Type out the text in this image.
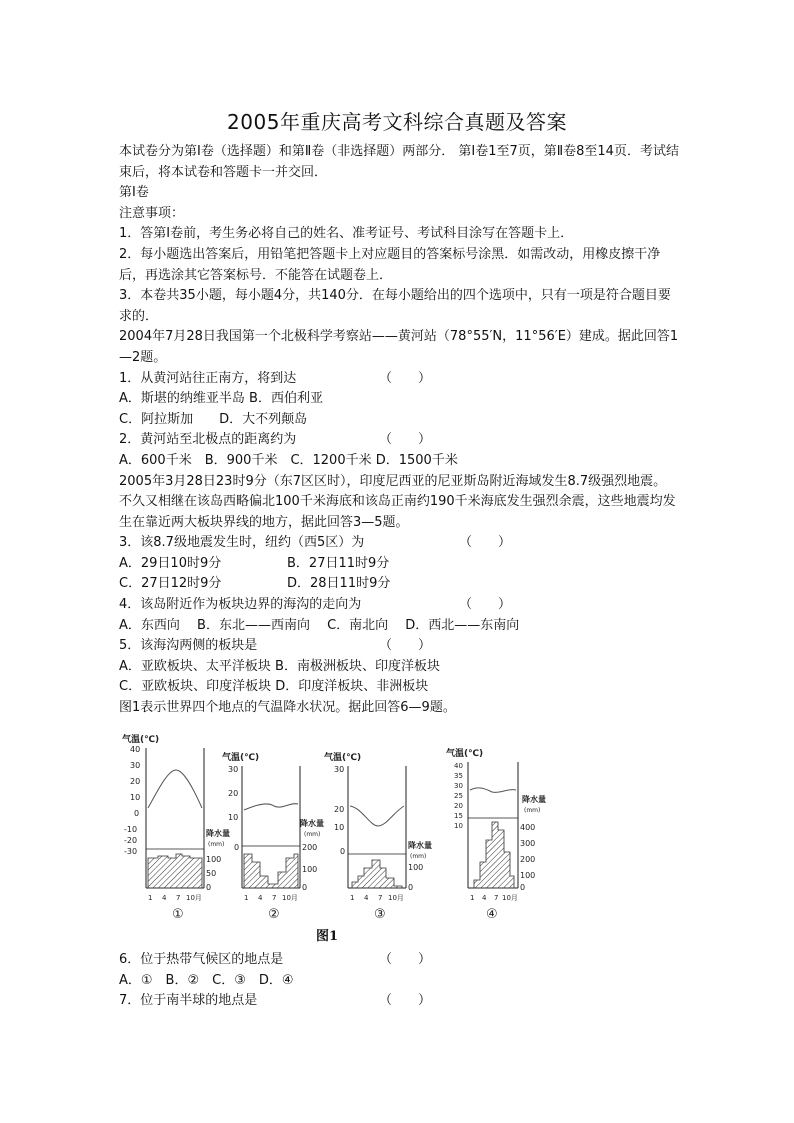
2005年重庆高考文科综合真题及答案

本试卷分为第Ⅰ卷（选择题）和第Ⅱ卷（非选择题）两部分． 第Ⅰ卷1至7页，第Ⅱ卷8至14页．考试结束后，将本试卷和答题卡一并交回．

第Ⅰ卷

注意事项：

1．答第Ⅰ卷前，考生务必将自己的姓名、准考证号、考试科目涂写在答题卡上．

2．每小题选出答案后，用铅笔把答题卡上对应题目的答案标号涂黑．如需改动，用橡皮擦干净后，再选涂其它答案标号．不能答在试题卷上．

3．本卷共35小题，每小题4分，共140分．在每小题给出的四个选项中，只有一项是符合题目要求的．

2004年7月28日我国第一个北极科学考察站——黄河站（78°55′N，11°56′E）建成。据此回答1—2题。

1．从黄河站往正南方，将到达	（　　）

A．斯堪的纳维亚半岛 B．西伯利亚

C．阿拉斯加　　D．大不列颠岛

2．黄河站至北极点的距离约为	（　　）

A．600千米　B．900千米　C．1200千米 D．1500千米

2005年3月28日23时9分（东7区区时），印度尼西亚的尼亚斯岛附近海域发生8.7级强烈地震。不久又相继在该岛西略偏北100千米海底和该岛正南约190千米海底发生强烈余震，这些地震均发生在靠近两大板块界线的地方，据此回答3—5题。

3．该8.7级地震发生时，纽约（西5区）为	（　　）
A．29日10时9分	B．27日11时9分
C．27日12时9分	D．28日11时9分
4．该岛附近作为板块边界的海沟的走向为	（　　）

A．东西向　 B．东北——西南向　 C．南北向　 D．西北——东南向

5．该海沟两侧的板块是	（　　）

A．亚欧板块、太平洋板块 B．南极洲板块、印度洋板块

C．亚欧板块、印度洋板块 D．印度洋板块、非洲板块

图1表示世界四个地点的气温降水状况。据此回答6—9题。

气温(℃)
40
30
20
10
0
-10
-20
-30
降水量
(mm)
100
50
0
1 4 7 10月
①
气温(℃)
30
20
10
0
降水量
(mm)
200
100
0
1 4 7 10月
②
气温(℃)
30
20
10
0
降水量
(mm)
100
0
1 4 7 10月
③
气温(℃)
40
35
30
25
20
15
10
降水量
(mm)
400
300
200
100
0
1 4 7 10月
④
图1
6．位于热带气候区的地点是	（　　）

A．①　B．②　C．③　D．④

7．位于南半球的地点是	（　　）
